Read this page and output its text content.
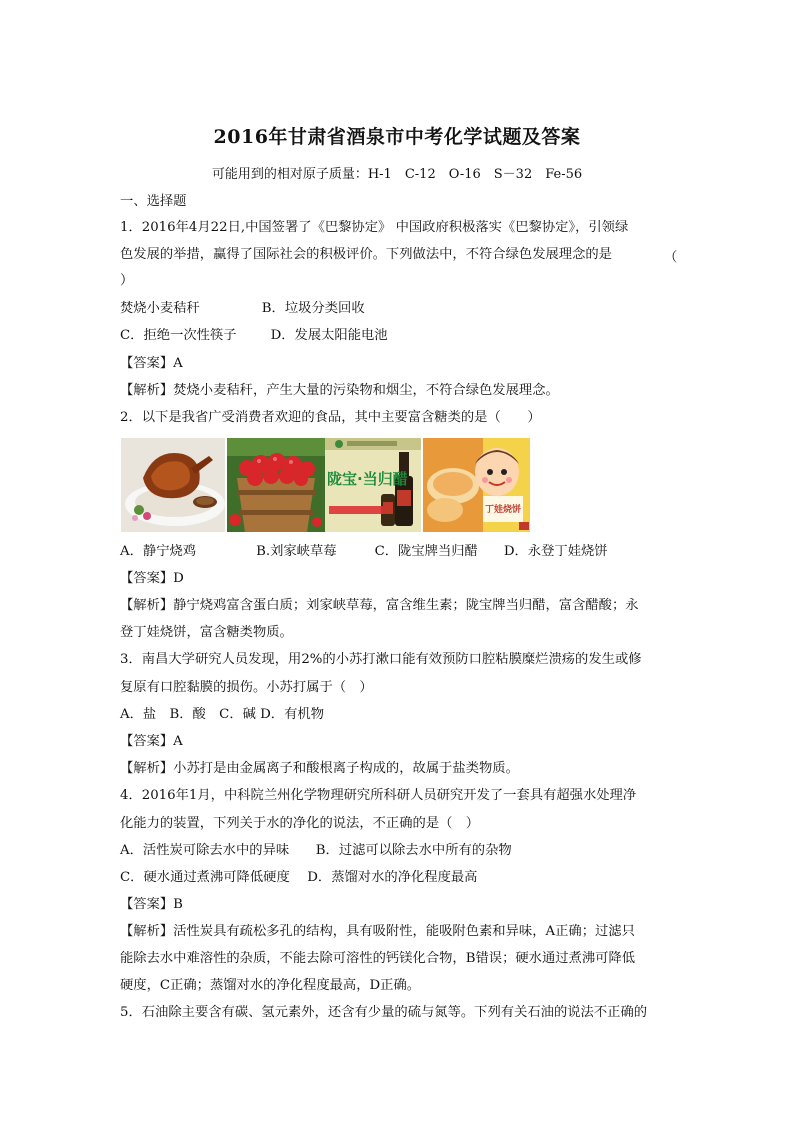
2016年甘肃省酒泉市中考化学试题及答案
可能用到的相对原子质量：H-1　C-12　O-16　S－32　Fe-56
一、选择题
1．2016年4月22日,中国签署了《巴黎协定》 中国政府积极落实《巴黎协定》，引领绿
色发展的举措，赢得了国际社会的积极评价。下列做法中，不符合绿色发展理念的是	（
）
焚烧小麦秸秆	B．垃圾分类回收
C．拒绝一次性筷子	D．发展太阳能电池
【答案】A
【解析】焚烧小麦秸秆，产生大量的污染物和烟尘，不符合绿色发展理念。
2．以下是我省广受消费者欢迎的食品，其中主要富含糖类的是（　　）
陇宝·当归醋
丁娃烧饼
A．静宁烧鸡	B.刘家峡草莓	C．陇宝牌当归醋 D．永登丁娃烧饼
【答案】D
【解析】静宁烧鸡富含蛋白质；刘家峡草莓，富含维生素；陇宝牌当归醋，富含醋酸；永
登丁娃烧饼，富含糖类物质。
3．南昌大学研究人员发现，用2%的小苏打漱口能有效预防口腔粘膜糜烂溃疡的发生或修
复原有口腔黏膜的损伤。小苏打属于（　）
A．盐　B．酸　C．碱 D．有机物
【答案】A
【解析】小苏打是由金属离子和酸根离子构成的，故属于盐类物质。
4．2016年1月，中科院兰州化学物理研究所科研人员研究开发了一套具有超强水处理净
化能力的装置，下列关于水的净化的说法，不正确的是（　）
A．活性炭可除去水中的异味　　B．过滤可以除去水中所有的杂物
C．硬水通过煮沸可降低硬度　 D．蒸馏对水的净化程度最高
【答案】B
【解析】活性炭具有疏松多孔的结构，具有吸附性，能吸附色素和异味，A正确；过滤只
能除去水中难溶性的杂质，不能去除可溶性的钙镁化合物，B错误；硬水通过煮沸可降低
硬度，C正确；蒸馏对水的净化程度最高，D正确。
5．石油除主要含有碳、氢元素外，还含有少量的硫与氮等。下列有关石油的说法不正确的
